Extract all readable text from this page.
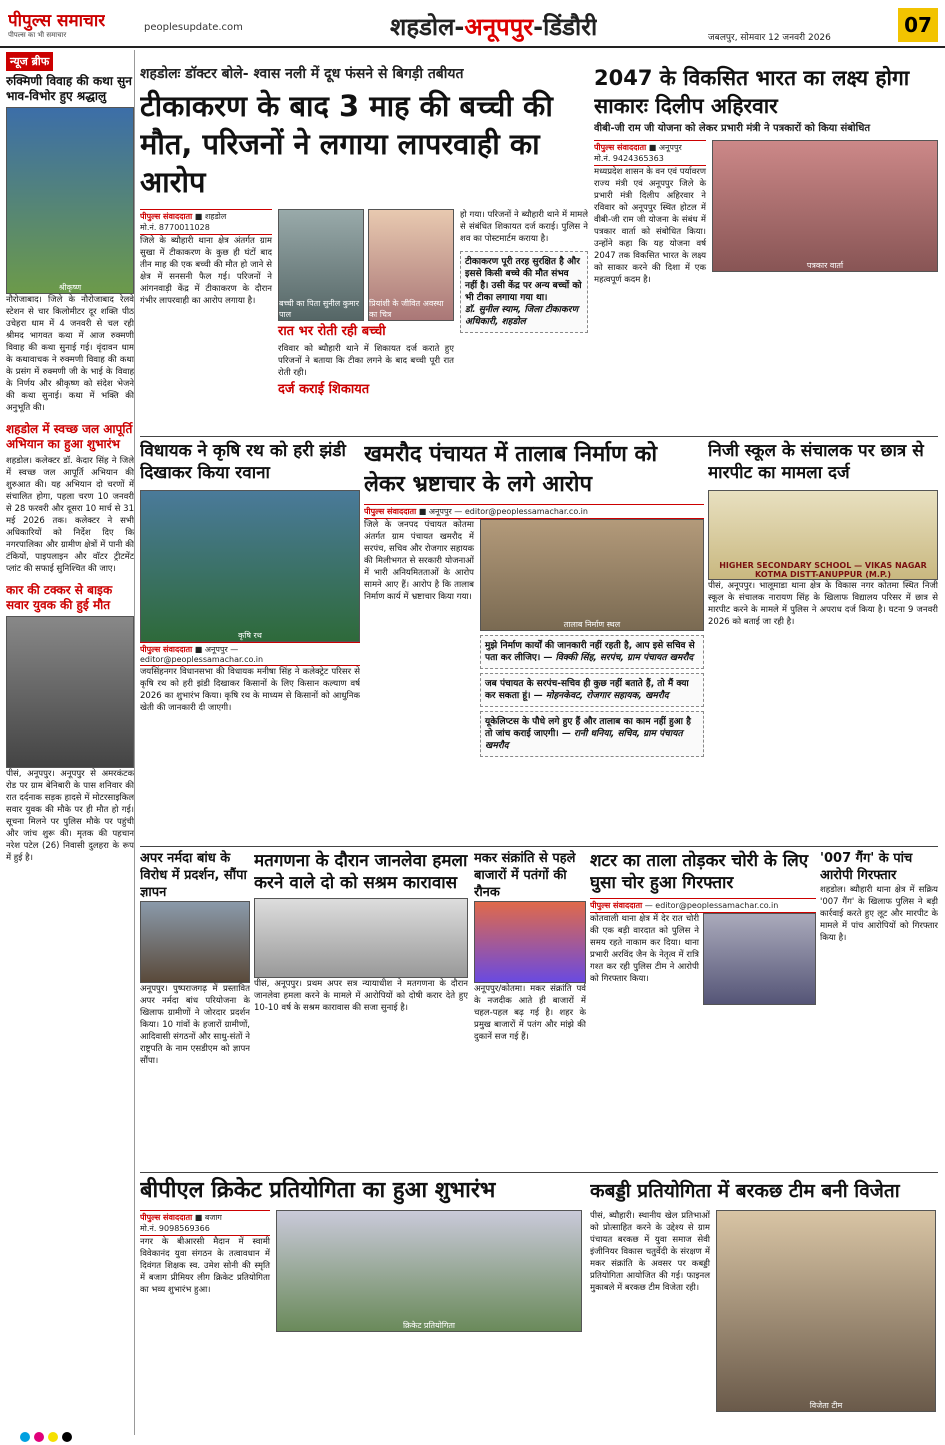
पीपुल्स समाचार
पीपल्स का भी समाचार
peoplesupdate.com	शहडोल-अनूपपुर-डिंडौरी	जबलपुर, सोमवार 12 जनवरी 2026
07
न्यूज ब्रीफ
रुक्मिणी विवाह की कथा सुन भाव-विभोर हुए श्रद्धालु
श्रीकृष्ण
नौरोजाबाद। जिले के नौरोजाबाद रेलवे स्टेशन से चार किलोमीटर दूर शक्ति पीठ उचेहरा धाम में 4 जनवरी से चल रही श्रीमद भागवत कथा में आज रुक्मणी विवाह की कथा सुनाई गई। वृंदावन धाम के कथावाचक ने रुक्मणी विवाह की कथा के प्रसंग में रुक्मणी जी के भाई के विवाह के निर्णय और श्रीकृष्ण को संदेश भेजने की कथा सुनाई। कथा में भक्ति की अनुभूति की।
शहडोल में स्वच्छ जल आपूर्ति अभियान का हुआ शुभारंभ
शहडोल। कलेक्टर डॉ. केदार सिंह ने जिले में स्वच्छ जल आपूर्ति अभियान की शुरुआत की। यह अभियान दो चरणों में संचालित होगा, पहला चरण 10 जनवरी से 28 फरवरी और दूसरा 10 मार्च से 31 मई 2026 तक। कलेक्टर ने सभी अधिकारियों को निर्देश दिए कि नगरपालिका और ग्रामीण क्षेत्रों में पानी की टंकियों, पाइपलाइन और वॉटर ट्रीटमेंट प्लांट की सफाई सुनिश्चित की जाए।
कार की टक्कर से बाइक सवार युवक की हुई मौत
पीसं, अनूपपुर। अनूपपुर से अमरकंटक रोड पर ग्राम बेनिबारी के पास शनिवार की रात दर्दनाक सड़क हादसे में मोटरसाइकिल सवार युवक की मौके पर ही मौत हो गई। सूचना मिलने पर पुलिस मौके पर पहुंची और जांच शुरू की। मृतक की पहचान नरेश पटेल (26) निवासी दुलहरा के रूप में हुई है।
शहडोलः डॉक्टर बोले- श्वास नली में दूध फंसने से बिगड़ी तबीयत
टीकाकरण के बाद 3 माह की बच्ची की मौत, परिजनों ने लगाया लापरवाही का आरोप
पीपुल्स संवाददाता ■ शहडोल
मो.नं. 8770011028
जिले के ब्यौहारी थाना क्षेत्र अंतर्गत ग्राम सुखा में टीकाकरण के कुछ ही घंटों बाद तीन माह की एक बच्ची की मौत हो जाने से क्षेत्र में सनसनी फैल गई। परिजनों ने आंगनवाड़ी केंद्र में टीकाकरण के दौरान गंभीर लापरवाही का आरोप लगाया है।	बच्ची का पिता सुनील कुमार पाल
प्रियांशी के जीवित अवस्था का चित्र
रात भर रोती रही बच्ची
रविवार को ब्यौहारी थाने में शिकायत दर्ज कराते हुए परिजनों ने बताया कि टीका लगने के बाद बच्ची पूरी रात रोती रही।
दर्ज कराई शिकायत
हो गया। परिजनों ने ब्यौहारी थाने में मामले से संबंधित शिकायत दर्ज कराई। पुलिस ने शव का पोस्टमार्टम कराया है।
टीकाकरण पूरी तरह सुरक्षित है और इससे किसी बच्चे की मौत संभव नहीं है। उसी केंद्र पर अन्य बच्चों को भी टीका लगाया गया था।
डॉ. सुनील स्याम, जिला टीकाकरण अधिकारी, शहडोल
2047 के विकसित भारत का लक्ष्य होगा साकारः दिलीप अहिरवार
वीबी-जी राम जी योजना को लेकर प्रभारी मंत्री ने पत्रकारों को किया संबोधित
पीपुल्स संवाददाता ■ अनूपपुर
मो.नं. 9424365363
मध्यप्रदेश शासन के वन एवं पर्यावरण राज्य मंत्री एवं अनूपपुर जिले के प्रभारी मंत्री दिलीप अहिरवार ने रविवार को अनूपपुर स्थित होटल में वीबी-जी राम जी योजना के संबंध में पत्रकार वार्ता को संबोधित किया। उन्होंने कहा कि यह योजना वर्ष 2047 तक विकसित भारत के लक्ष्य को साकार करने की दिशा में एक महत्वपूर्ण कदम है।
पत्रकार वार्ता
विधायक ने कृषि रथ को हरी झंडी दिखाकर किया रवाना
कृषि रथ
पीपुल्स संवाददाता ■ अनूपपुर — editor@peoplessamachar.co.in
जयसिंहनगर विधानसभा की विधायक मनीषा सिंह ने कलेक्ट्रेट परिसर से कृषि रथ को हरी झंडी दिखाकर किसानों के लिए किसान कल्याण वर्ष 2026 का शुभारंभ किया। कृषि रथ के माध्यम से किसानों को आधुनिक खेती की जानकारी दी जाएगी।
खमरौद पंचायत में तालाब निर्माण को लेकर भ्रष्टाचार के लगे आरोप
पीपुल्स संवाददाता ■ अनूपपुर — editor@peoplessamachar.co.in
जिले के जनपद पंचायत कोतमा अंतर्गत ग्राम पंचायत खमरौद में सरपंच, सचिव और रोजगार सहायक की मिलीभगत से सरकारी योजनाओं में भारी अनियमितताओं के आरोप सामने आए हैं। आरोप है कि तालाब निर्माण कार्य में भ्रष्टाचार किया गया।
तालाब निर्माण स्थल
मुझे निर्माण कार्यों की जानकारी नहीं रहती है, आप इसे सचिव से पता कर लीजिए। — विक्की सिंह, सरपंच, ग्राम पंचायत खमरौद
जब पंचायत के सरपंच-सचिव ही कुछ नहीं बताते हैं, तो मैं क्या कर सकता हूं। — मोहनकेवट, रोजगार सहायक, खमरौद
यूकेलिप्टस के पौधे लगे हुए हैं और तालाब का काम नहीं हुआ है तो जांच कराई जाएगी। — रानी धनिया, सचिव, ग्राम पंचायत खमरौद
निजी स्कूल के संचालक पर छात्र से मारपीट का मामला दर्ज
HIGHER SECONDARY SCHOOL — VIKAS NAGAR KOTMA DISTT-ANUPPUR (M.P.)
पीसं, अनूपपुर। भालूमाडा थाना क्षेत्र के विकास नगर कोतमा स्थित निजी स्कूल के संचालक नारायण सिंह के खिलाफ विद्यालय परिसर में छात्र से मारपीट करने के मामले में पुलिस ने अपराध दर्ज किया है। घटना 9 जनवरी 2026 को बताई जा रही है।
अपर नर्मदा बांध के विरोध में प्रदर्शन, सौंपा ज्ञापन
अनूपपुर। पुष्पराजगढ़ में प्रस्तावित अपर नर्मदा बांध परियोजना के खिलाफ ग्रामीणों ने जोरदार प्रदर्शन किया। 10 गांवों के हजारों ग्रामीणों, आदिवासी संगठनों और साधु-संतों ने राष्ट्रपति के नाम एसडीएम को ज्ञापन सौंपा।
मतगणना के दौरान जानलेवा हमला करने वाले दो को सश्रम कारावास
पीसं, अनूपपुर। प्रथम अपर सत्र न्यायाधीश ने मतगणना के दौरान जानलेवा हमला करने के मामले में आरोपियों को दोषी करार देते हुए 10-10 वर्ष के सश्रम कारावास की सजा सुनाई है।
मकर संक्रांति से पहले बाजारों में पतंगों की रौनक
अनूपपुर/कोतमा। मकर संक्रांति पर्व के नजदीक आते ही बाजारों में चहल-पहल बढ़ गई है। शहर के प्रमुख बाजारों में पतंग और मांझे की दुकानें सज गई हैं।
शटर का ताला तोड़कर चोरी के लिए घुसा चोर हुआ गिरफ्तार
पीपुल्स संवाददाता — editor@peoplessamachar.co.in
कोतवाली थाना क्षेत्र में देर रात चोरी की एक बड़ी वारदात को पुलिस ने समय रहते नाकाम कर दिया। थाना प्रभारी अरविंद जैन के नेतृत्व में रात्रि गश्त कर रही पुलिस टीम ने आरोपी को गिरफ्तार किया।
'007 गैंग' के पांच आरोपी गिरफ्तार
शहडोल। ब्यौहारी थाना क्षेत्र में सक्रिय '007 गैंग' के खिलाफ पुलिस ने बड़ी कार्रवाई करते हुए लूट और मारपीट के मामले में पांच आरोपियों को गिरफ्तार किया है।
बीपीएल क्रिकेट प्रतियोगिता का हुआ शुभारंभ
पीपुल्स संवाददाता ■ बजाग
मो.नं. 9098569366
नगर के बीआरसी मैदान में स्वामी विवेकानंद युवा संगठन के तत्वावधान में दिवंगत शिक्षक स्व. उमेश सोनी की स्मृति में बजाग प्रीमियर लीग क्रिकेट प्रतियोगिता का भव्य शुभारंभ हुआ।
क्रिकेट प्रतियोगिता
कबड्डी प्रतियोगिता में बरकछ टीम बनी विजेता
पीसं, ब्यौहारी। स्थानीय खेल प्रतिभाओं को प्रोत्साहित करने के उद्देश्य से ग्राम पंचायत बरकछ में युवा समाज सेवी इंजीनियर विकास चतुर्वेदी के संरक्षण में मकर संक्रांति के अवसर पर कबड्डी प्रतियोगिता आयोजित की गई। फाइनल मुकाबले में बरकछ टीम विजेता रही।
विजेता टीम
